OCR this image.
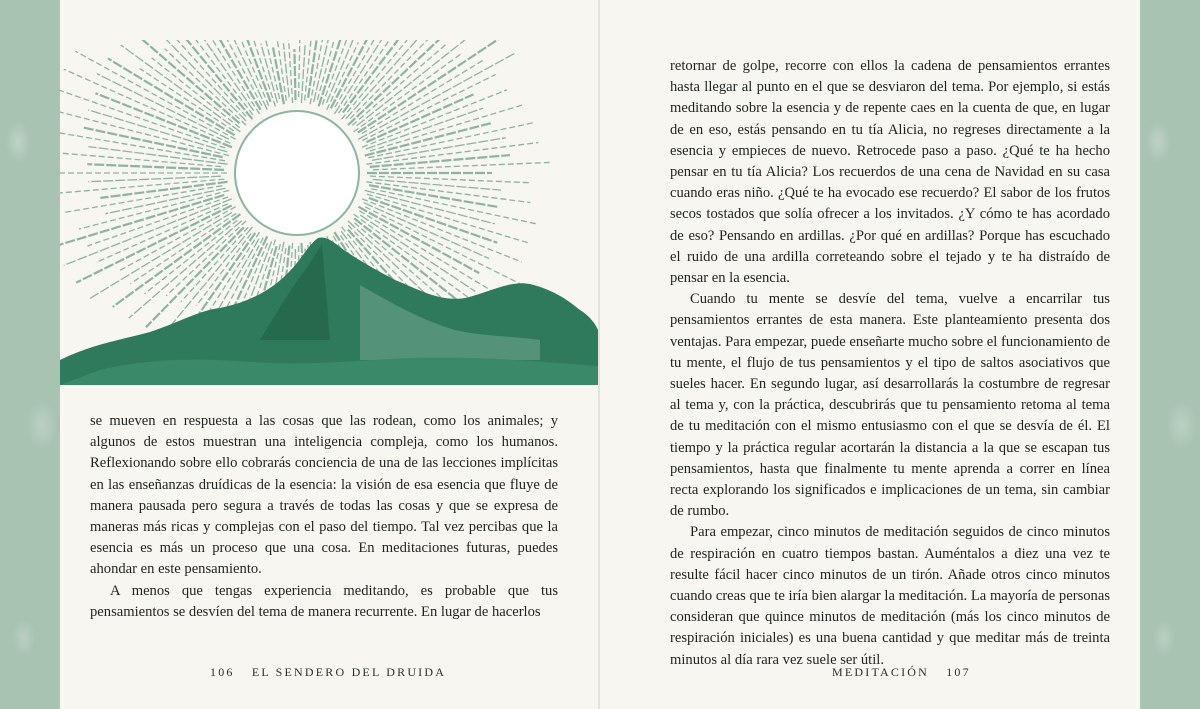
se mueven en respuesta a las cosas que las rodean, como los animales; y algunos de estos muestran una inteligencia compleja, como los humanos. Reflexionando sobre ello cobrarás conciencia de una de las lecciones implícitas en las enseñanzas druídicas de la esencia: la visión de esa esencia que fluye de manera pausada pero segura a través de todas las cosas y que se expresa de maneras más ricas y complejas con el paso del tiempo. Tal vez percibas que la esencia es más un proceso que una cosa. En meditaciones futuras, puedes ahondar en este pensamiento.

A menos que tengas experiencia meditando, es probable que tus pensamientos se desvíen del tema de manera recurrente. En lugar de hacerlos

106 EL SENDERO DEL DRUIDA

retornar de golpe, recorre con ellos la cadena de pensamientos errantes hasta llegar al punto en el que se desviaron del tema. Por ejemplo, si estás meditando sobre la esencia y de repente caes en la cuenta de que, en lugar de en eso, estás pensando en tu tía Alicia, no regreses directamente a la esencia y empieces de nuevo. Retrocede paso a paso. ¿Qué te ha hecho pensar en tu tía Alicia? Los recuerdos de una cena de Navidad en su casa cuando eras niño. ¿Qué te ha evocado ese recuerdo? El sabor de los frutos secos tostados que solía ofrecer a los invitados. ¿Y cómo te has acordado de eso? Pensando en ardillas. ¿Por qué en ardillas? Porque has escuchado el ruido de una ardilla correteando sobre el tejado y te ha distraído de pensar en la esencia.

Cuando tu mente se desvíe del tema, vuelve a encarrilar tus pensamientos errantes de esta manera. Este planteamiento presenta dos ventajas. Para empezar, puede enseñarte mucho sobre el funcionamiento de tu mente, el flujo de tus pensamientos y el tipo de saltos asociativos que sueles hacer. En segundo lugar, así desarrollarás la costumbre de regresar al tema y, con la práctica, descubrirás que tu pensamiento retoma al tema de tu meditación con el mismo entusiasmo con el que se desvía de él. El tiempo y la práctica regular acortarán la distancia a la que se escapan tus pensamientos, hasta que finalmente tu mente aprenda a correr en línea recta explorando los significados e implicaciones de un tema, sin cambiar de rumbo.

Para empezar, cinco minutos de meditación seguidos de cinco minutos de respiración en cuatro tiempos bastan. Auméntalos a diez una vez te resulte fácil hacer cinco minutos de un tirón. Añade otros cinco minutos cuando creas que te iría bien alargar la meditación. La mayoría de personas consideran que quince minutos de meditación (más los cinco minutos de respiración iniciales) es una buena cantidad y que meditar más de treinta minutos al día rara vez suele ser útil.

MEDITACIÓN 107
